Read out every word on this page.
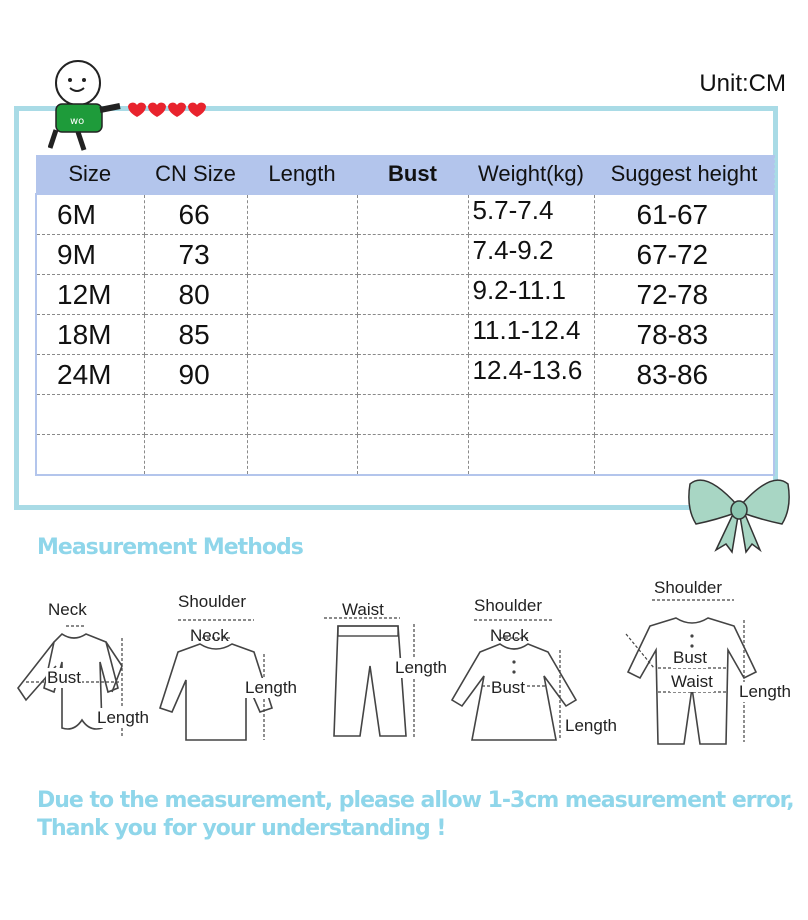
Unit:CM
wo
Size	CN Size	Length	Bust	Weight(kg)	Suggest height
6M	66			5.7-7.4	61-67
9M	73			7.4-9.2	67-72
12M	80			9.2-11.1	72-78
18M	85			11.1-12.4	78-83
24M	90			12.4-13.6	83-86

Measurement Methods
Neck
Bust
Length
Shoulder
Neck
Length
Waist
Length
Shoulder
Neck
Bust
Length
Shoulder
Bust
Waist
Length
Due to the measurement, please allow 1-3cm measurement error,
Thank you for your understanding !
